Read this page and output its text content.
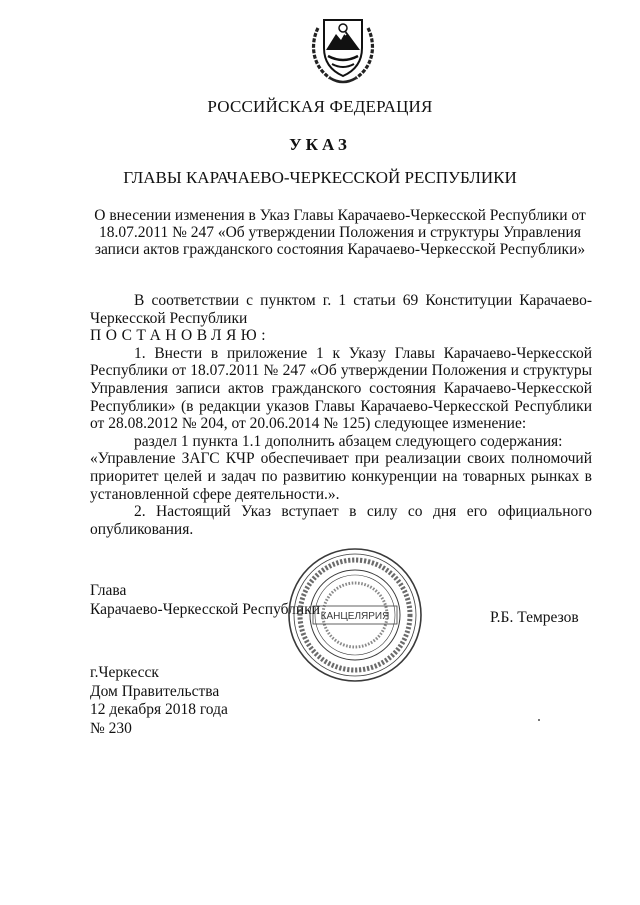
РОССИЙСКАЯ ФЕДЕРАЦИЯ
УКАЗ
ГЛАВЫ КАРАЧАЕВО-ЧЕРКЕССКОЙ РЕСПУБЛИКИ
О внесении изменения в Указ Главы Карачаево-Черкесской Республики от 18.07.2011 № 247 «Об утверждении Положения и структуры Управления записи актов гражданского состояния Карачаево-Черкесской Республики»

В соответствии с пунктом г. 1 статьи 69 Конституции Карачаево-Черкесской Республики

ПОСТАНОВЛЯЮ:

1. Внести в приложение 1 к Указу Главы Карачаево-Черкесской Республики от 18.07.2011 № 247 «Об утверждении Положения и структуры Управления записи актов гражданского состояния Карачаево-Черкесской Республики» (в редакции указов Главы Карачаево-Черкесской Республики от 28.08.2012 № 204, от 20.06.2014 № 125) следующее изменение:

раздел 1 пункта 1.1 дополнить абзацем следующего содержания:

«Управление ЗАГС КЧР обеспечивает при реализации своих полномочий приоритет целей и задач по развитию конкуренции на товарных рынках в установленной сфере деятельности.».

2. Настоящий Указ вступает в силу со дня его официального опубликования.

Глава
Карачаево-Черкесской Республики	Р.Б. Темрезов
КАНЦЕЛЯРИЯ
г.Черкесск
Дом Правительства
12 декабря 2018 года
№ 230
